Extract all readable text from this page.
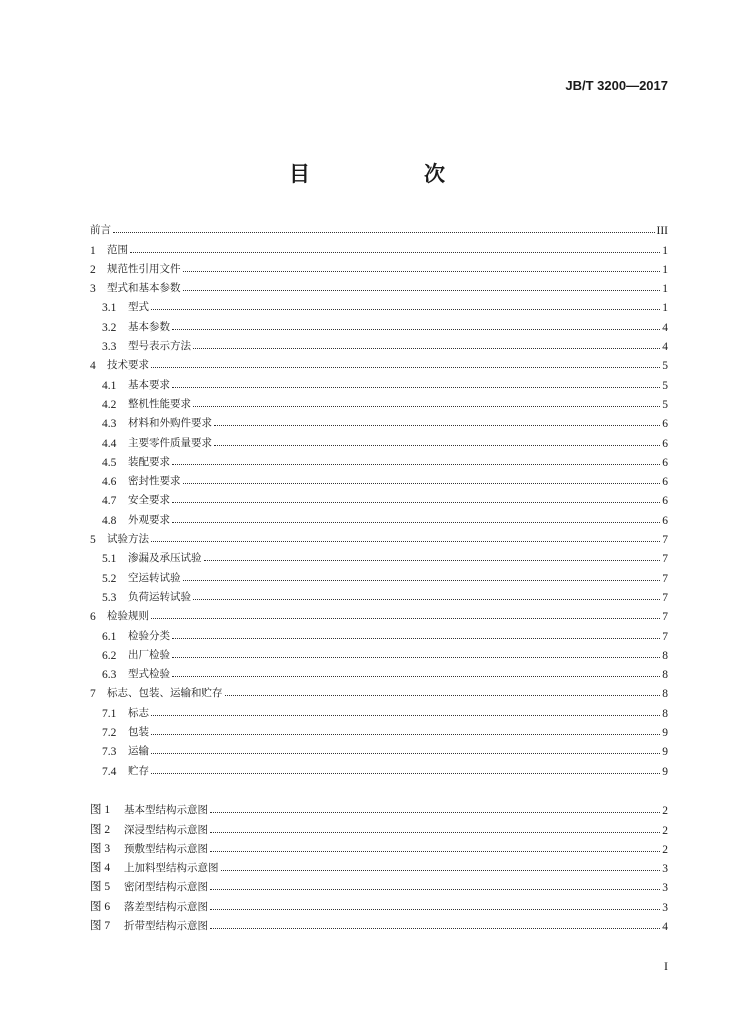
JB/T 3200—2017
目　　次
前言	III
1	范围	1
2	规范性引用文件	1
3	型式和基本参数	1
3.1	型式	1
3.2	基本参数	4
3.3	型号表示方法	4
4	技术要求	5
4.1	基本要求	5
4.2	整机性能要求	5
4.3	材料和外购件要求	6
4.4	主要零件质量要求	6
4.5	装配要求	6
4.6	密封性要求	6
4.7	安全要求	6
4.8	外观要求	6
5	试验方法	7
5.1	渗漏及承压试验	7
5.2	空运转试验	7
5.3	负荷运转试验	7
6	检验规则	7
6.1	检验分类	7
6.2	出厂检验	8
6.3	型式检验	8
7	标志、包装、运输和贮存	8
7.1	标志	8
7.2	包装	9
7.3	运输	9
7.4	贮存	9
图 1	基本型结构示意图	2
图 2	深浸型结构示意图	2
图 3	预敷型结构示意图	2
图 4	上加料型结构示意图	3
图 5	密闭型结构示意图	3
图 6	落差型结构示意图	3
图 7	折带型结构示意图	4
I
